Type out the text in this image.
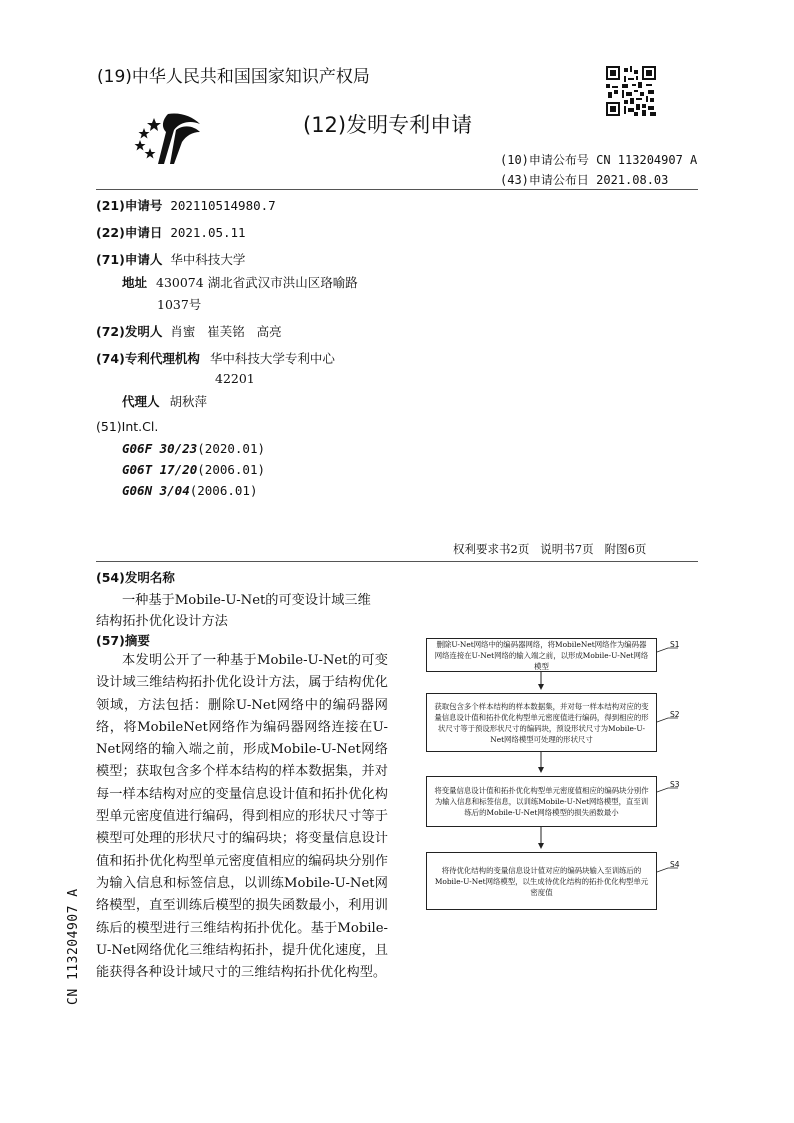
(19)中华人民共和国国家知识产权局
(12)发明专利申请
(10)申请公布号 CN 113204907 A
(43)申请公布日 2021.08.03
(21)申请号 202110514980.7
(22)申请日 2021.05.11
(71)申请人 华中科技大学
地址 430074 湖北省武汉市洪山区珞喻路
1037号
(72)发明人 肖蜜   崔芙铭   高亮
(74)专利代理机构 华中科技大学专利中心
42201
代理人 胡秋萍
(51)Int.Cl.
G06F 30/23(2020.01)
G06T 17/20(2006.01)
G06N 3/04(2006.01)
权利要求书2页   说明书7页   附图6页
(54)发明名称
一种基于Mobile-U-Net的可变设计域三维
结构拓扑优化设计方法
(57)摘要
本发明公开了一种基于Mobile-U-Net的可变设计域三维结构拓扑优化设计方法，属于结构优化领域，方法包括：删除U-Net网络中的编码器网络，将MobileNet网络作为编码器网络连接在U-Net网络的输入端之前，形成Mobile-U-Net网络模型；获取包含多个样本结构的样本数据集，并对每一样本结构对应的变量信息设计值和拓扑优化构型单元密度值进行编码，得到相应的形状尺寸等于模型可处理的形状尺寸的编码块；将变量信息设计值和拓扑优化构型单元密度值相应的编码块分别作为输入信息和标签信息，以训练Mobile-U-Net网络模型，直至训练后模型的损失函数最小，利用训练后的模型进行三维结构拓扑优化。基于Mobile-U-Net网络优化三维结构拓扑，提升优化速度，且能获得各种设计域尺寸的三维结构拓扑优化构型。
CN 113204907 A
删除U-Net网络中的编码器网络，将MobileNet网络作为编码器网络连接在U-Net网络的输入端之前，以形成Mobile-U-Net网络模型
S1
获取包含多个样本结构的样本数据集，并对每一样本结构对应的变量信息设计值和拓扑优化构型单元密度值进行编码，得到相应的形状尺寸等于预设形状尺寸的编码块，预设形状尺寸为Mobile-U-Net网络模型可处理的形状尺寸
S2
将变量信息设计值和拓扑优化构型单元密度值相应的编码块分别作为输入信息和标签信息，以训练Mobile-U-Net网络模型，直至训练后的Mobile-U-Net网络模型的损失函数最小
S3
将待优化结构的变量信息设计值对应的编码块输入至训练后的Mobile-U-Net网络模型，以生成待优化结构的拓扑优化构型单元密度值
S4
